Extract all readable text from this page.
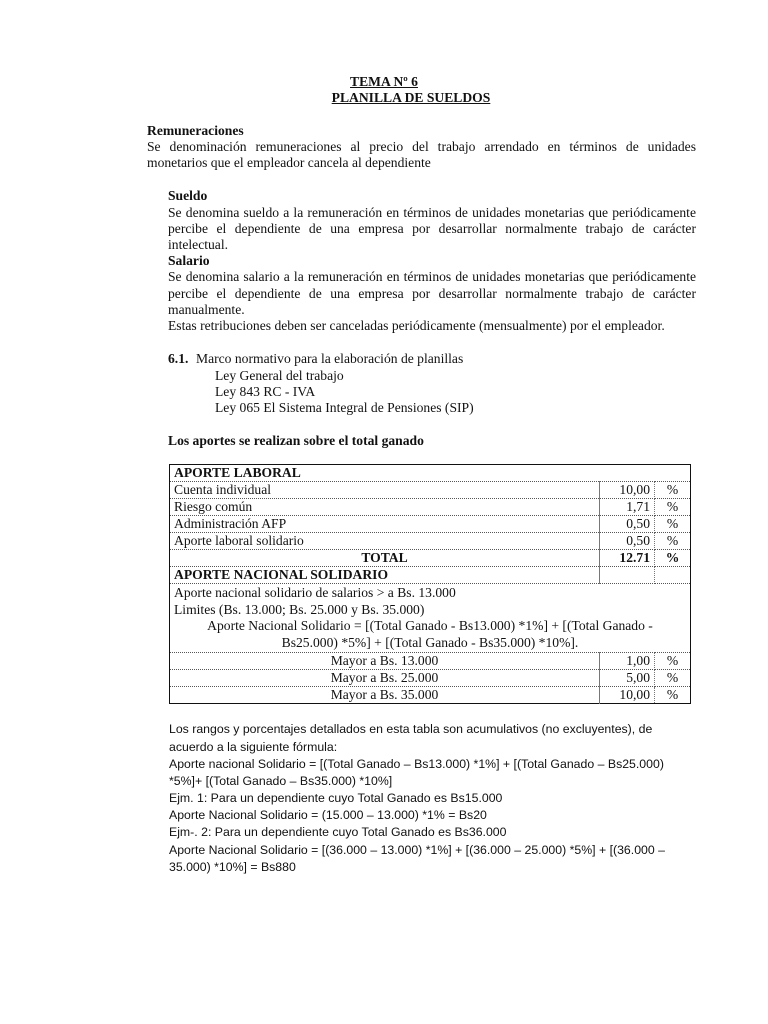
TEMA Nº 6
PLANILLA DE SUELDOS
Remuneraciones
Se denominación remuneraciones al precio del trabajo arrendado en términos de unidades
monetarios que el empleador cancela al dependiente
Sueldo
Se denomina sueldo a la remuneración en términos de unidades monetarias que periódicamente
percibe el dependiente de una empresa por desarrollar normalmente trabajo de carácter
intelectual.
Salario
Se denomina salario a la remuneración en términos de unidades monetarias que periódicamente
percibe el dependiente de una empresa por desarrollar normalmente trabajo de carácter
manualmente.
Estas retribuciones deben ser canceladas periódicamente (mensualmente) por el empleador.
6.1. Marco normativo para la elaboración de planillas
Ley General del trabajo
Ley 843 RC - IVA
Ley 065 El Sistema Integral de Pensiones (SIP)
Los aportes se realizan sobre el total ganado
APORTE LABORAL		
Cuenta individual	10,00	%
Riesgo común	1,71	%
Administración AFP	0,50	%
Aporte laboral solidario	0,50	%
TOTAL	12.71	%
APORTE NACIONAL SOLIDARIO		

Aporte nacional solidario de salarios > a Bs. 13.000
Limites (Bs. 13.000; Bs. 25.000 y Bs. 35.000)
Aporte Nacional Solidario = [(Total Ganado - Bs13.000) *1%] + [(Total Ganado -
Bs25.000) *5%] + [(Total Ganado - Bs35.000) *10%].		

Mayor a Bs. 13.000	1,00	%
Mayor a Bs. 25.000	5,00	%
Mayor a Bs. 35.000	10,00	%
Los rangos y porcentajes detallados en esta tabla son acumulativos (no excluyentes), de
acuerdo a la siguiente fórmula:
Aporte nacional Solidario = [(Total Ganado – Bs13.000) *1%] + [(Total Ganado – Bs25.000)
*5%]+ [(Total Ganado – Bs35.000) *10%]
Ejm. 1: Para un dependiente cuyo Total Ganado es Bs15.000
Aporte Nacional Solidario = (15.000 – 13.000) *1% = Bs20
Ejm-. 2: Para un dependiente cuyo Total Ganado es Bs36.000
Aporte Nacional Solidario = [(36.000 – 13.000) *1%] + [(36.000 – 25.000) *5%] + [(36.000 –
35.000) *10%] = Bs880
